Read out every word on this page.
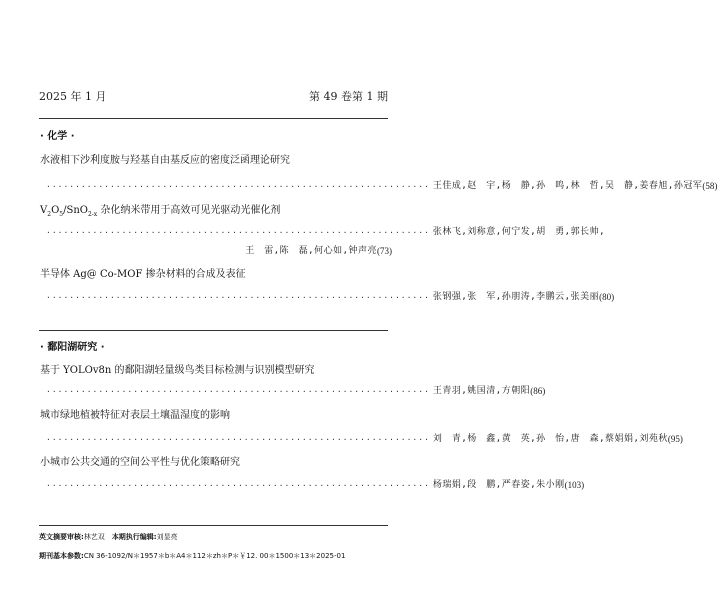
2025 年 1 月	第 49 卷第 1 期
· 化学 ·
水液相下沙利度胺与羟基自由基反应的密度泛函理论研究
·································································· 王佳成,赵　宇,杨　静,孙　鸣,林　哲,吴　静,姜春旭,孙冠军 (58)
$V_2O_5/SnO_{2-x}$ 杂化纳米带用于高效可见光驱动光催化剂
·································································· 张林飞,刘称意,何宁发,胡　勇,郭长帅,
王　雷,陈　磊,何心如,钟声亮 (73)
半导体 Ag@ Co-MOF 掺杂材料的合成及表征
·································································· 张钢强,张　军,孙朋涛,李鹏云,张美丽 (80)
· 鄱阳湖研究 ·
基于 YOLOv8n 的鄱阳湖轻量级鸟类目标检测与识别模型研究
·································································· 王青羽,姚国清,方朝阳 (86)
城市绿地植被特征对表层土壤温湿度的影响
·································································· 刘　青,杨　鑫,黄　英,孙　怡,唐　森,蔡娟娟,刘苑秋 (95)
小城市公共交通的空间公平性与优化策略研究
·································································· 杨瑞娟,段　鹏,严春姿,朱小刚 (103)
英文摘要审核:林艺双　本期执行编辑:刘显亮
期刊基本参数:CN 36-1092/N＊1957＊b＊A4＊112＊zh＊P＊￥12. 00＊1500＊13＊2025-01
